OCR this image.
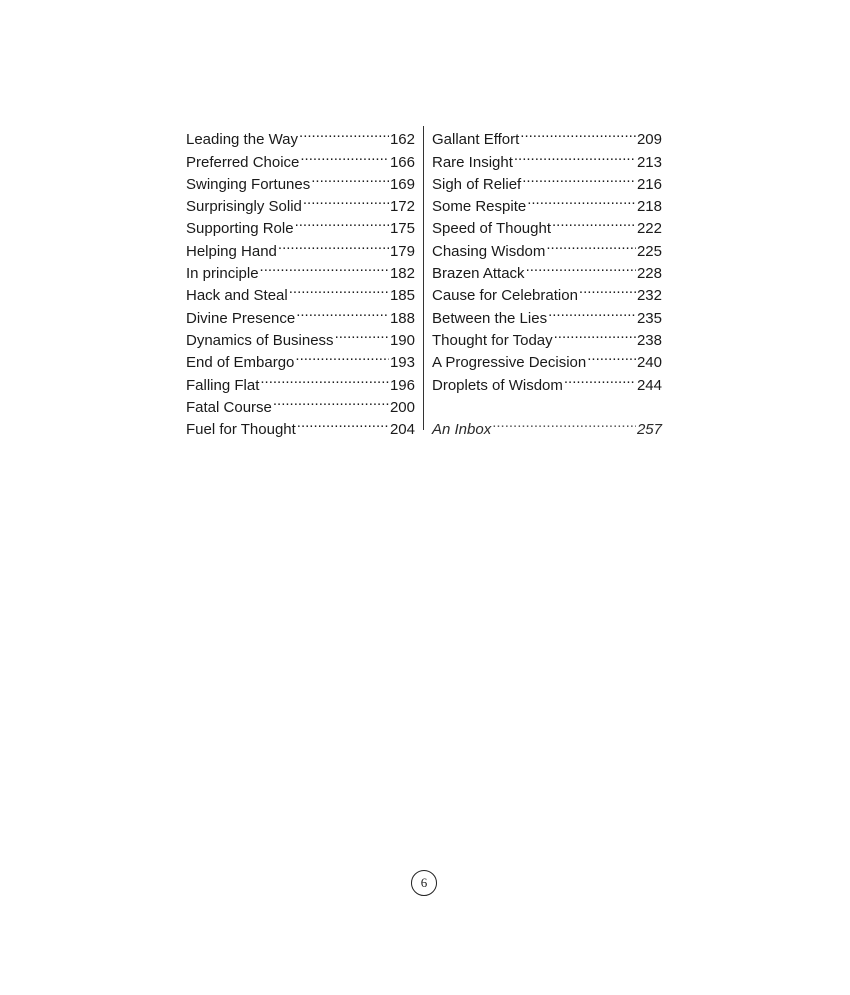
Leading the Way .....	162
Preferred Choice .....	166
Swinging Fortunes .....	169
Surprisingly Solid .....	172
Supporting Role .....	175
Helping Hand .....	179
In principle .....	182
Hack and Steal .....	185
Divine Presence .....	188
Dynamics of Business .....	190
End of Embargo .....	193
Falling Flat .....	196
Fatal Course .....	200
Fuel for Thought .....	204
Gallant Effort .....	209
Rare Insight .....	213
Sigh of Relief .....	216
Some Respite .....	218
Speed of Thought .....	222
Chasing Wisdom .....	225
Brazen Attack .....	228
Cause for Celebration .....	232
Between the Lies .....	235
Thought for Today .....	238
A Progressive Decision .....	240
Droplets of Wisdom .....	244
An Inbox .....	257
6
